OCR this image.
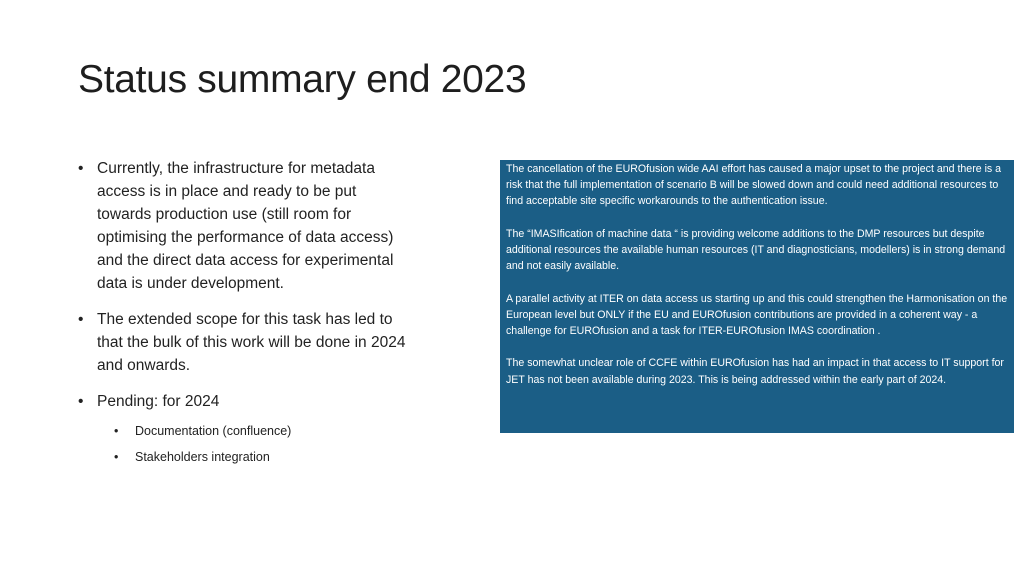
Status summary end 2023
• Currently, the infrastructure for metadata access is in place and ready to be put towards production use (still room for optimising the performance of data access) and the direct data access for experimental data is under development.
• The extended scope for this task has led to that the bulk of this work will be done in 2024 and onwards.
• Pending: for 2024
• Documentation (confluence)
• Stakeholders integration

The cancellation of the EUROfusion wide AAI effort has caused a major upset to the project and there is a risk that the full implementation of scenario B will be slowed down and could need additional resources to find acceptable site specific workarounds to the authentication issue.

The “IMASIfication of machine data “ is providing welcome additions to the DMP resources but despite additional resources the available human resources (IT and diagnosticians, modellers) is in strong demand and not easily available.

A parallel activity at ITER on data access us starting up and this could strengthen the Harmonisation on the European level but ONLY if the EU and EUROfusion contributions are provided in a coherent way - a challenge for EUROfusion and a task for ITER-EUROfusion IMAS coordination .

The somewhat unclear role of CCFE within EUROfusion has had an impact in that access to IT support for JET has not been available during 2023. This is being addressed within the early part of 2024.
